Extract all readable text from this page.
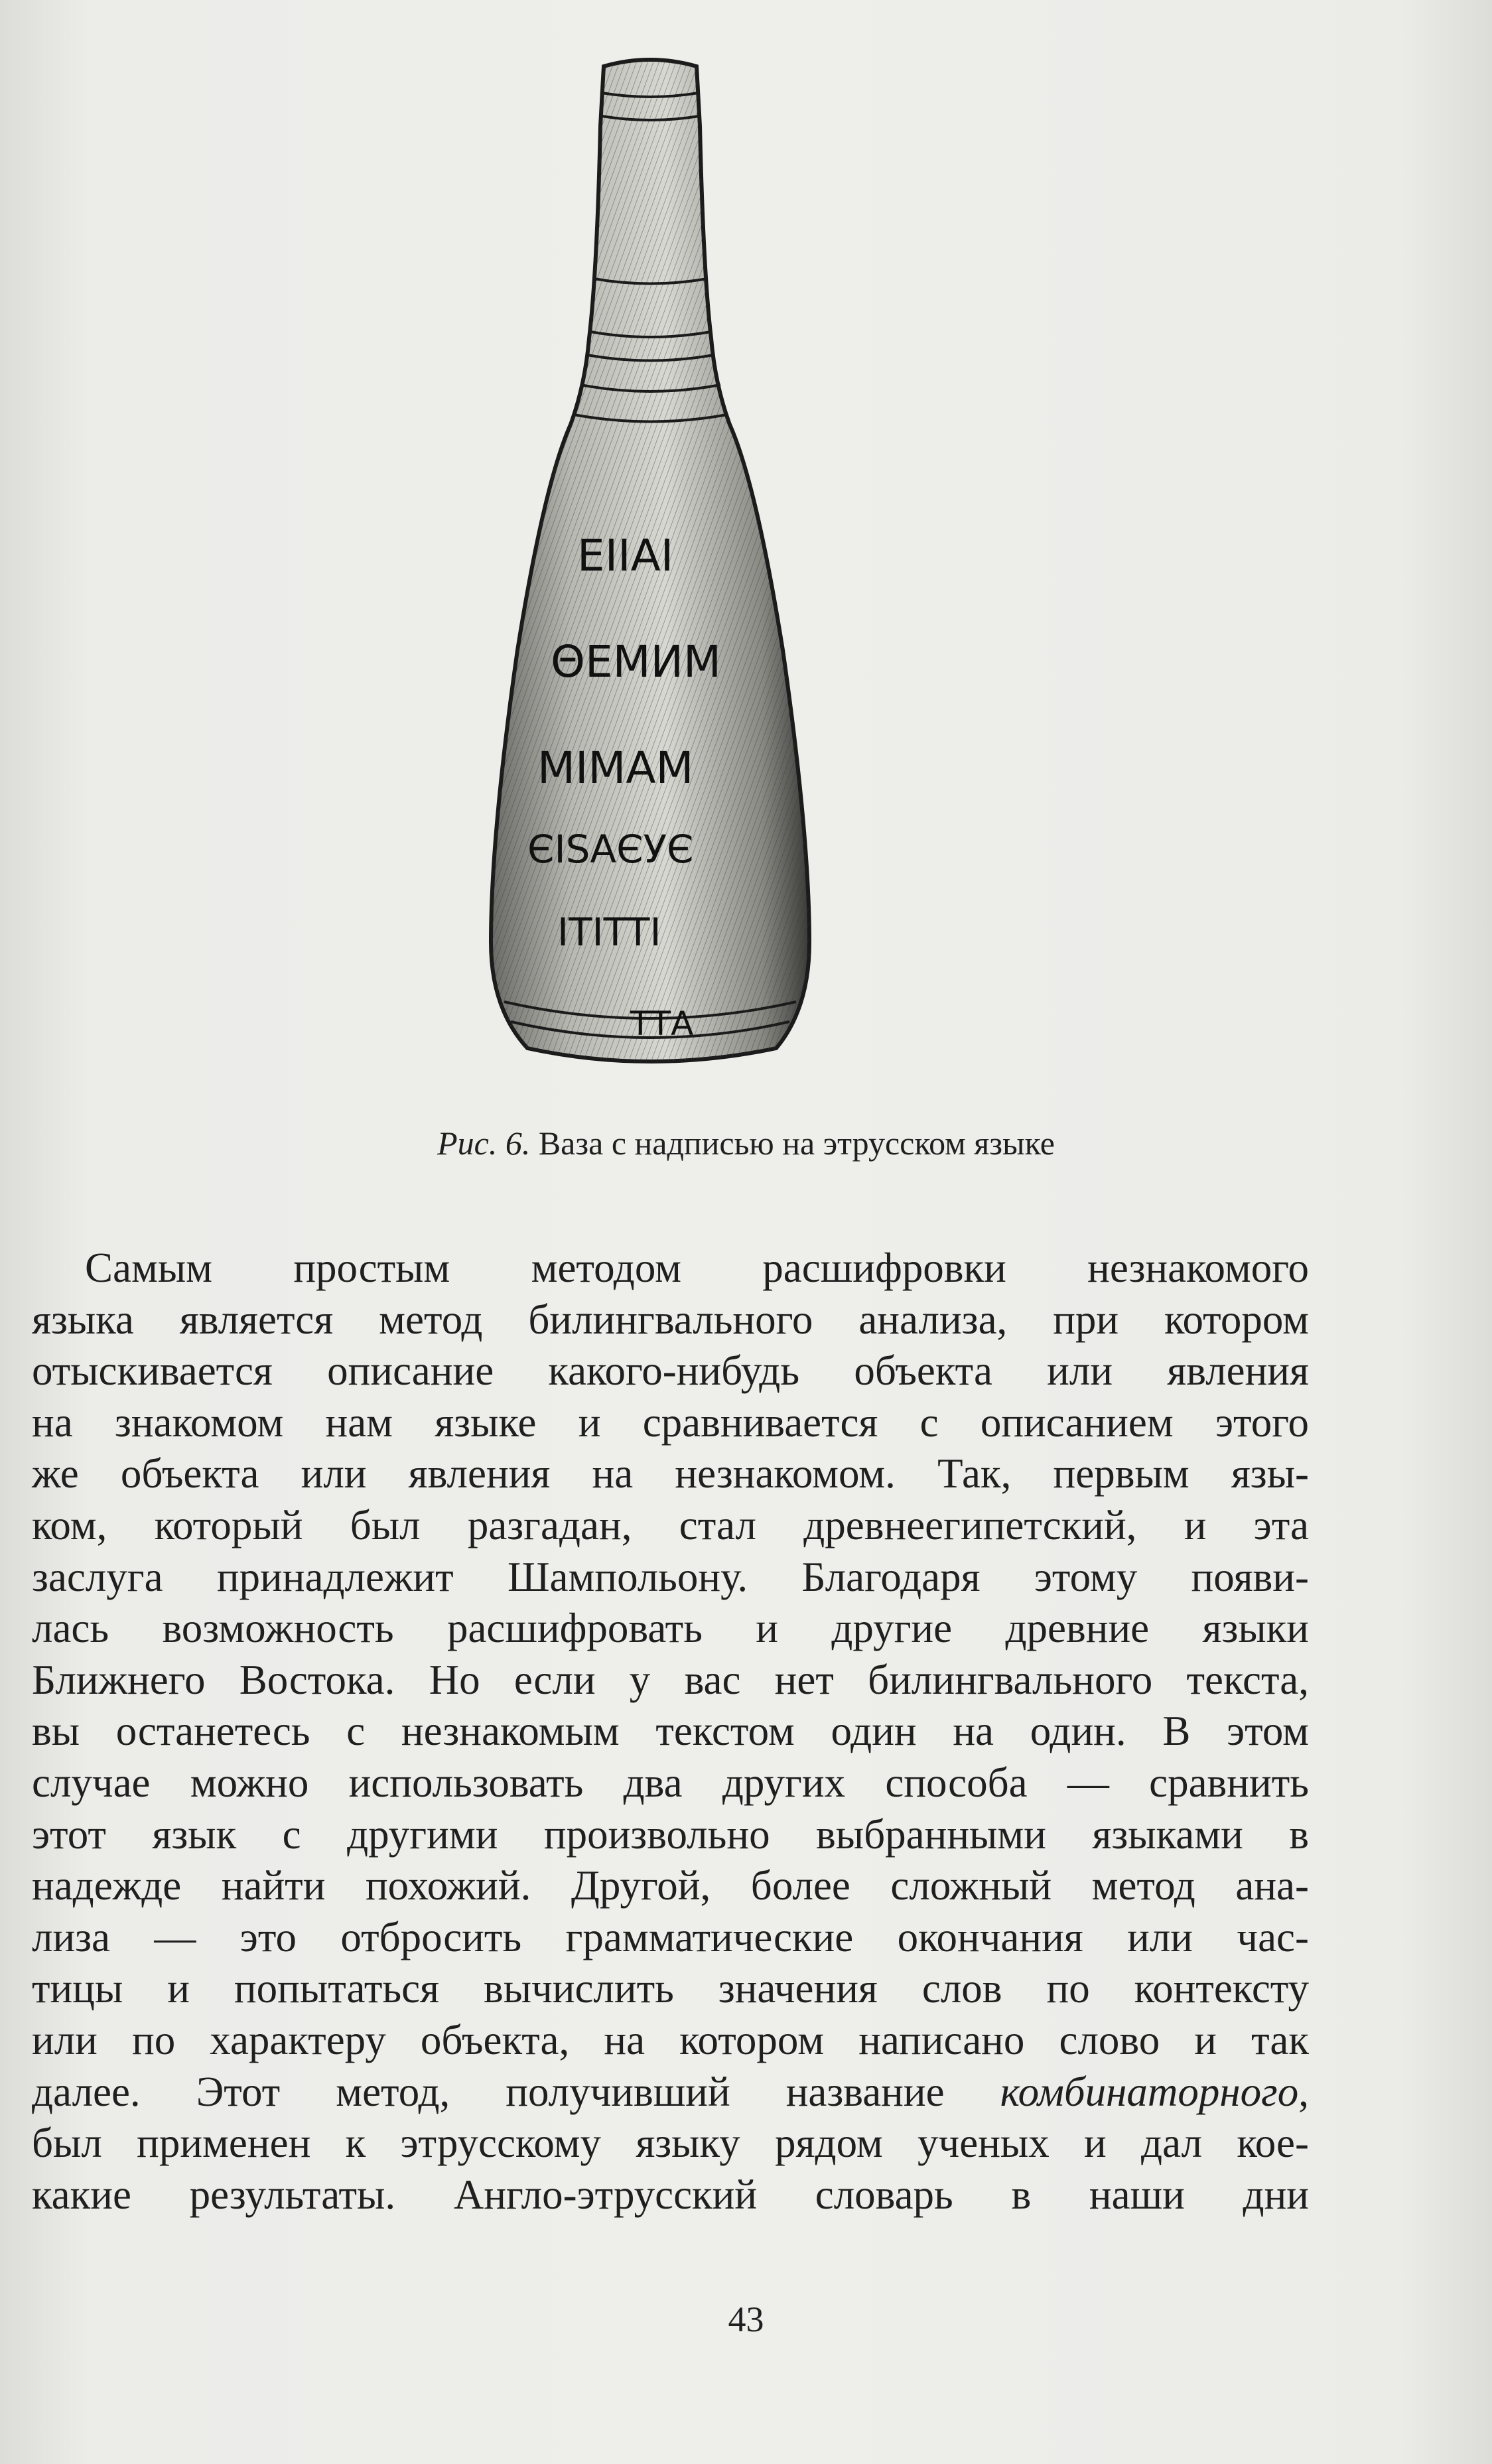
EIIAI
ΘЕМИМ
МIМАМ
ЄIЅАЄУЄ
ITITTI
ТТА
Рис. 6. Ваза с надписью на этрусском языке
Самым простым методом расшифровки незнакомого
языка является метод билингвального анализа, при котором
отыскивается описание какого-нибудь объекта или явления
на знакомом нам языке и сравнивается с описанием этого
же объекта или явления на незнакомом. Так, первым язы-
ком, который был разгадан, стал древнеегипетский, и эта
заслуга принадлежит Шампольону. Благодаря этому появи-
лась возможность расшифровать и другие древние языки
Ближнего Востока. Но если у вас нет билингвального текста,
вы останетесь с незнакомым текстом один на один. В этом
случае можно использовать два других способа — сравнить
этот язык с другими произвольно выбранными языками в
надежде найти похожий. Другой, более сложный метод ана-
лиза — это отбросить грамматические окончания или час-
тицы и попытаться вычислить значения слов по контексту
или по характеру объекта, на котором написано слово и так
далее. Этот метод, получивший название комбинаторного,
был применен к этрусскому языку рядом ученых и дал кое-
какие результаты. Англо-этрусский словарь в наши дни
43
